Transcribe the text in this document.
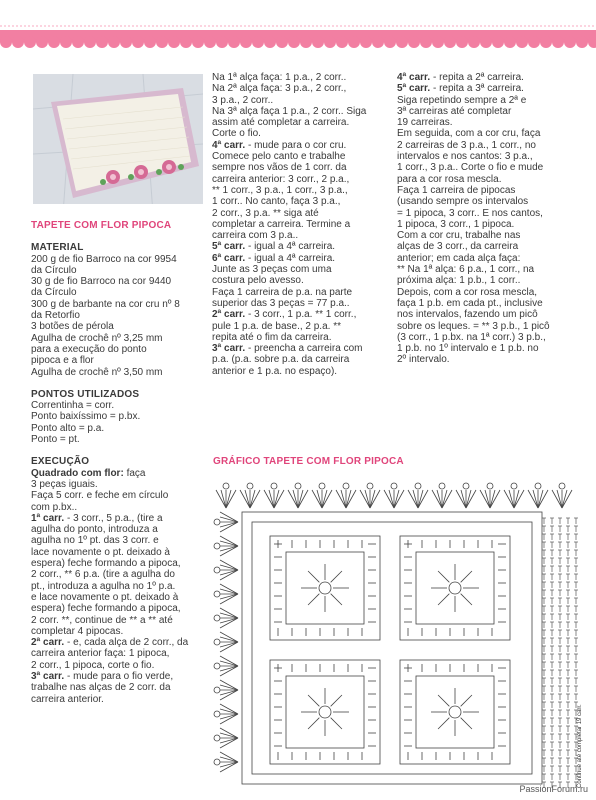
TAPETE COM FLOR PIPOCA

MATERIAL

200 g de fio Barroco na cor 9954

da Círculo

30 g de fio Barroco na cor 9440

da Círculo

300 g de barbante na cor cru nº 8

da Retorfio

3 botões de pérola

Agulha de crochê nº 3,25 mm

para a execução do ponto

pipoca e a flor

Agulha de crochê nº 3,50 mm

PONTOS UTILIZADOS

Correntinha = corr.

Ponto baixíssimo = p.bx.

Ponto alto = p.a.

Ponto = pt.

EXECUÇÃO

Quadrado com flor: faça

3 peças iguais.

Faça 5 corr. e feche em círculo

com p.bx..

1ª carr. - 3 corr., 5 p.a., (tire a

agulha do ponto, introduza a

agulha no 1º pt. das 3 corr. e

lace novamente o pt. deixado à

espera) feche formando a pipoca,

2 corr., ** 6 p.a. (tire a agulha do

pt., introduza a agulha no 1º p.a.

e lace novamente o pt. deixado à

espera) feche formando a pipoca,

2 corr. **, continue de ** a ** até

completar 4 pipocas.

2ª carr. - e, cada alça de 2 corr., da

carreira anterior faça: 1 pipoca,

2 corr., 1 pipoca, corte o fio.

3ª carr. - mude para o fio verde,

trabalhe nas alças de 2 corr. da

carreira anterior.

Na 1ª alça faça: 1 p.a., 2 corr..

Na 2ª alça faça: 3 p.a., 2 corr.,

3 p.a., 2 corr..

Na 3ª alça faça 1 p.a., 2 corr.. Siga

assim até completar a carreira.

Corte o fio.

4ª carr. - mude para o cor cru.

Comece pelo canto e trabalhe

sempre nos vãos de 1 corr. da

carreira anterior: 3 corr., 2 p.a.,

** 1 corr., 3 p.a., 1 corr., 3 p.a.,

1 corr.. No canto, faça 3 p.a.,

2 corr., 3 p.a. ** siga até

completar a carreira. Termine a

carreira com 3 p.a..

5ª carr. - igual a 4ª carreira.

6ª carr. - igual a 4ª carreira.

Junte as 3 peças com uma

costura pelo avesso.

Faça 1 carreira de p.a. na parte

superior das 3 peças = 77 p.a..

2ª carr. - 3 corr., 1 p.a. ** 1 corr.,

pule 1 p.a. de base., 2 p.a. **

repita até o fim da carreira.

3ª carr. - preencha a carreira com

p.a. (p.a. sobre p.a. da carreira

anterior e 1 p.a. no espaço).

4ª carr. - repita a 2ª carreira.

5ª carr. - repita a 3ª carreira.

Siga repetindo sempre a 2ª e

3ª carreiras até completar

19 carreiras.

Em seguida, com a cor cru, faça

2 carreiras de 3 p.a., 1 corr., no

intervalos e nos cantos: 3 p.a.,

1 corr., 3 p.a.. Corte o fio e mude

para a cor rosa mescla.

Faça 1 carreira de pipocas

(usando sempre os intervalos

= 1 pipoca, 3 corr.. E nos cantos,

1 pipoca, 3 corr., 1 pipoca.

Com a cor cru, trabalhe nas

alças de 3 corr., da carreira

anterior; em cada alça faça:

** Na 1ª alça: 6 p.a., 1 corr., na

próxima alça: 1 p.b., 1 corr..

Depois, com a cor rosa mescla,

faça 1 p.b. em cada pt., inclusive

nos intervalos, fazendo um picô

sobre os leques. = ** 3 p.b., 1 picô

(3 corr., 1 p.bx. na 1ª corr.) 3 p.b.,

1 p.b. no 1º intervalo e 1 p.b. no

2º intervalo.

GRÁFICO TAPETE COM FLOR PIPOCA

Continue até completar 19 carr.
PassionForum.ru
